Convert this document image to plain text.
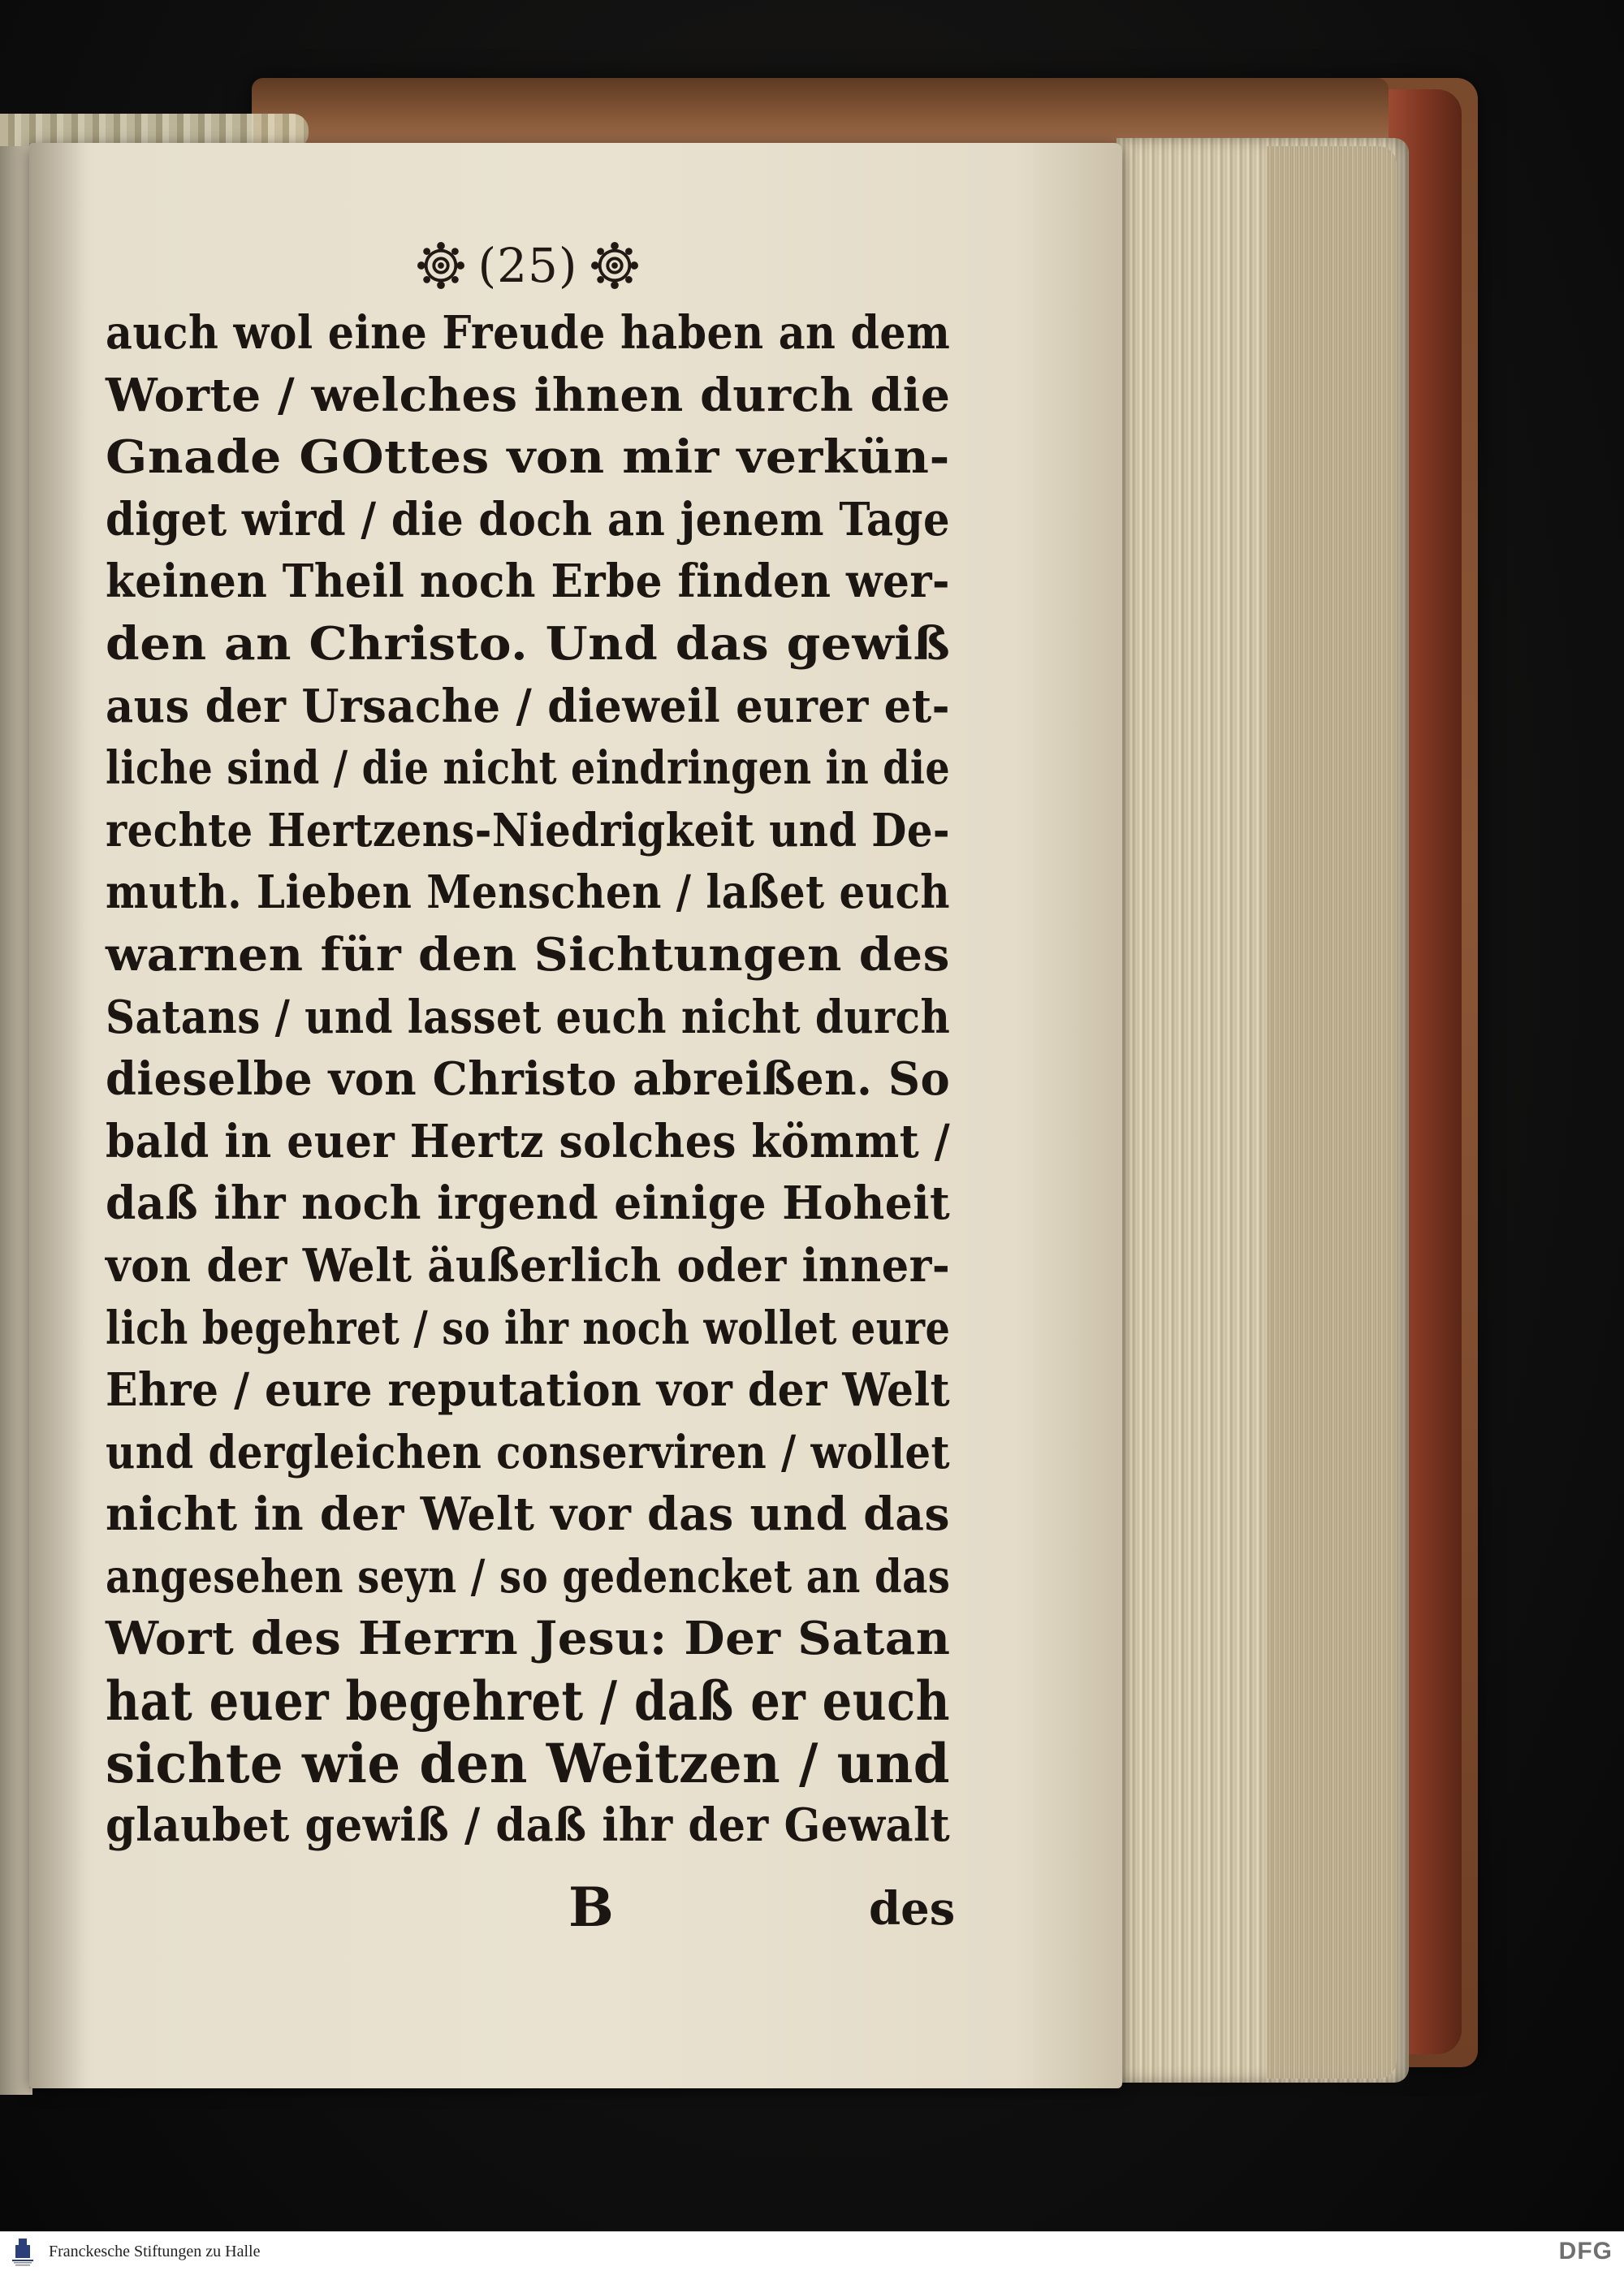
(25)
auch wol eine Freude haben an dem
Worte / welches ihnen durch die
Gnade GOttes von mir verkün-
diget wird / die doch an jenem Tage
keinen Theil noch Erbe finden wer-
den an Christo. Und das gewiß
aus der Ursache / dieweil eurer et-
liche sind / die nicht eindringen in die
rechte Hertzens-Niedrigkeit und De-
muth. Lieben Menschen / laßet euch
warnen für den Sichtungen des
Satans / und lasset euch nicht durch
dieselbe von Christo abreißen. So
bald in euer Hertz solches kömmt /
daß ihr noch irgend einige Hoheit
von der Welt äußerlich oder inner-
lich begehret / so ihr noch wollet eure
Ehre / eure reputation vor der Welt
und dergleichen conserviren / wollet
nicht in der Welt vor das und das
angesehen seyn / so gedencket an das
Wort des Herrn Jesu: Der Satan
hat euer begehret / daß er euch
sichte wie den Weitzen / und
glaubet gewiß / daß ihr der Gewalt
B	des
Franckesche Stiftungen zu Halle	DFG
